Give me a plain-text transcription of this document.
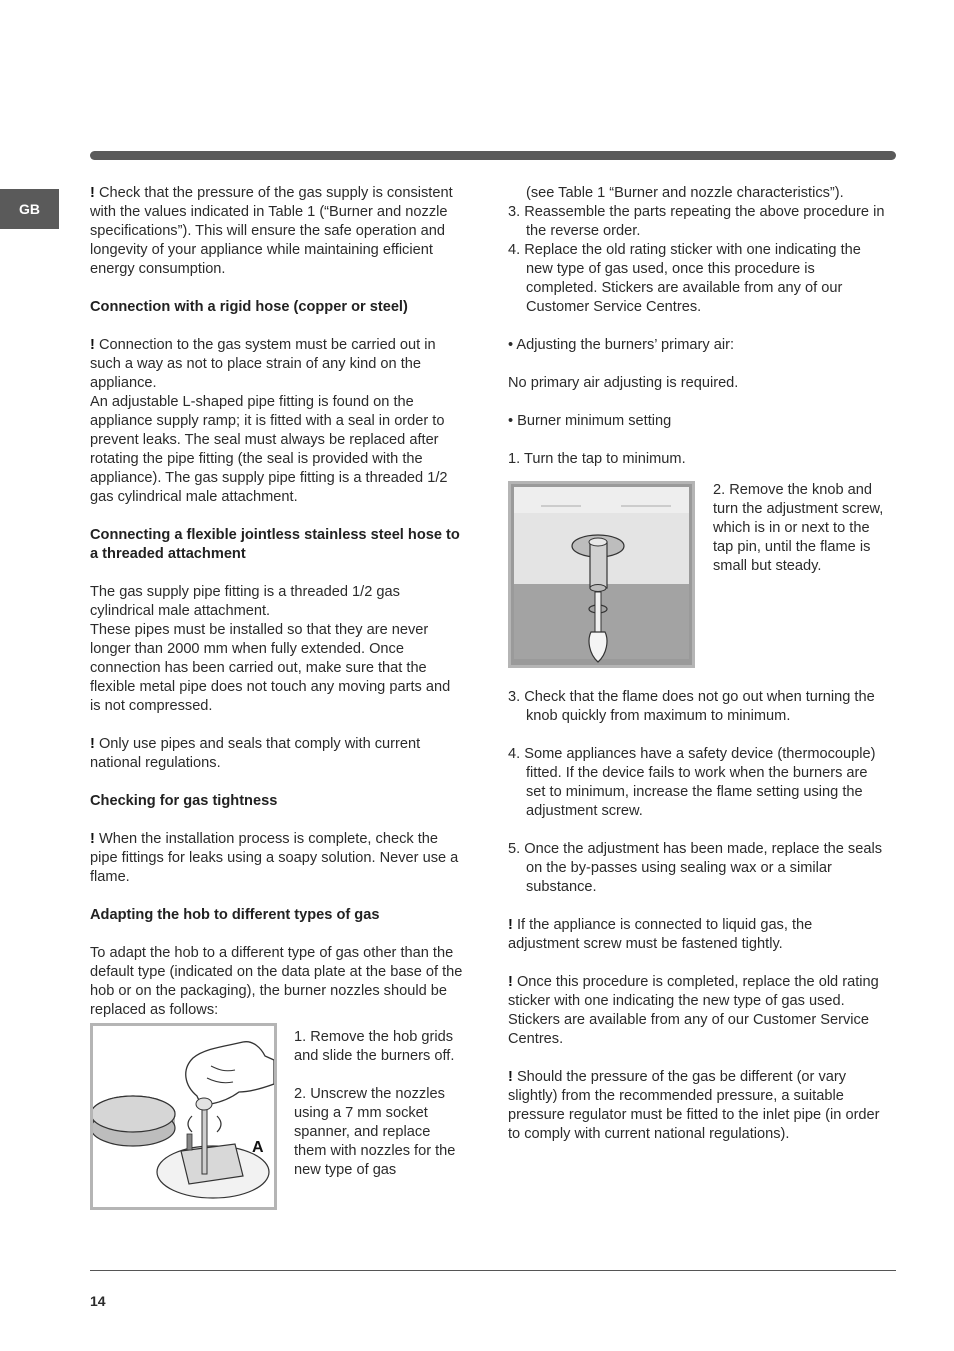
GB

! Check that the pressure of the gas supply is consistent with the values indicated in Table 1 (“Burner and nozzle specifications”). This will ensure the safe operation and longevity of your appliance while maintaining efficient energy consumption.

Connection with a rigid hose (copper or steel)

! Connection to the gas system must be carried out in such a way as not to place strain of any kind on the appliance.

An adjustable L-shaped pipe fitting is found on the appliance supply ramp; it is fitted with a seal in order to prevent leaks. The seal must always be replaced after rotating the pipe fitting (the seal is provided with the appliance). The gas supply pipe fitting is a threaded 1/2 gas cylindrical male attachment.

Connecting a flexible jointless stainless steel hose to a threaded attachment

The gas supply pipe fitting is a threaded 1/2 gas cylindrical male attachment.

These pipes must be installed so that they are never longer than 2000 mm when fully extended. Once connection has been carried out, make sure that the flexible metal pipe does not touch any moving parts and is not compressed.

! Only use pipes and seals that comply with current national regulations.

Checking for gas tightness

! When the installation process is complete, check the pipe fittings for leaks using a soapy solution. Never use a flame.

Adapting the hob to different types of gas

To adapt the hob to a different type of gas other than the default type (indicated on the data plate at the base of the hob or on the packaging), the burner nozzles should be replaced as follows:

A

1. Remove the hob grids and slide the burners off.

2. Unscrew the nozzles using a 7 mm socket spanner, and replace them with nozzles for the new type of gas

(see Table 1 “Burner and nozzle characteristics”).

3. Reassemble the parts repeating the above procedure in the reverse order.

4. Replace the old rating sticker with one indicating the new type of gas used, once this procedure is completed. Stickers are available from any of our Customer Service Centres.

• Adjusting the burners’ primary air:

No primary air adjusting is required.

• Burner minimum setting

1. Turn the tap to minimum.

2. Remove the knob and turn the adjustment screw, which is in or next to the tap pin, until the flame is small but steady.

3. Check that the flame does not go out when turning the knob quickly from maximum to minimum.

4. Some appliances have a safety device (thermocouple) fitted. If the device fails to work when the burners are set to minimum, increase the flame setting using the adjustment screw.

5. Once the adjustment has been made, replace the seals on the by-passes using sealing wax or a similar substance.

! If the appliance is connected to liquid gas, the adjustment screw must be fastened tightly.

! Once this procedure is completed, replace the old rating sticker with one indicating the new type of gas used. Stickers are available from any of our Customer Service Centres.

! Should the pressure of the gas be different (or vary slightly) from the recommended pressure, a suitable pressure regulator must be fitted to the inlet pipe (in order to comply with current national regulations).

14
